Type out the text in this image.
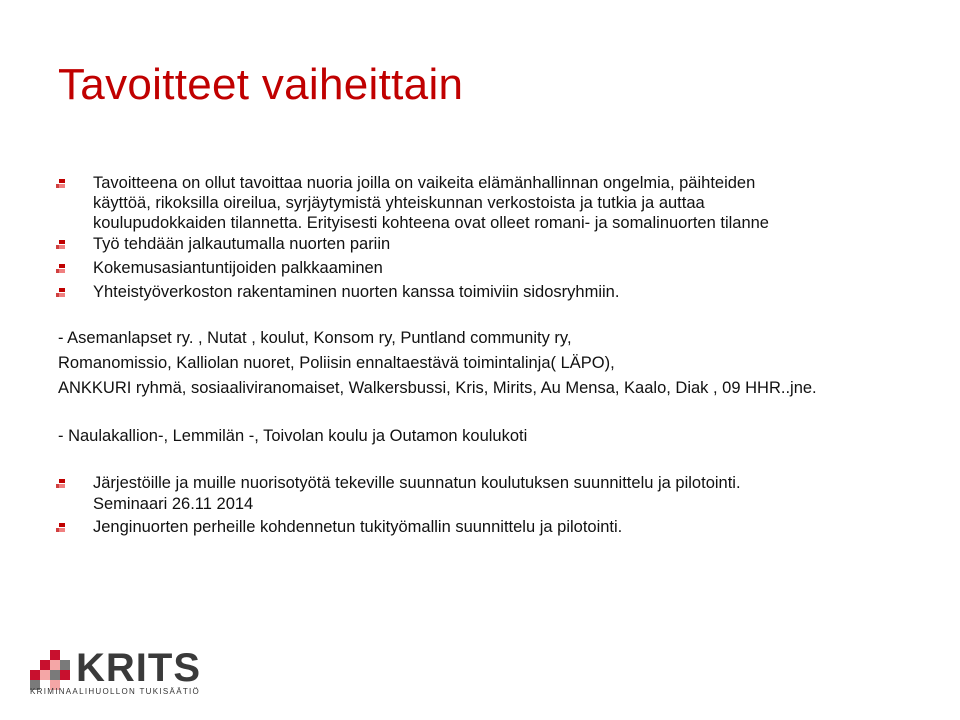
Tavoitteet vaiheittain
Tavoitteena on ollut tavoittaa nuoria joilla on vaikeita elämänhallinnan ongelmia, päihteiden
käyttöä, rikoksilla oireilua, syrjäytymistä yhteiskunnan verkostoista ja tutkia ja auttaa
koulupudokkaiden tilannetta. Erityisesti kohteena ovat olleet romani- ja somalinuorten tilanne
Työ tehdään jalkautumalla nuorten pariin
Kokemusasiantuntijoiden palkkaaminen
Yhteistyöverkoston rakentaminen nuorten kanssa toimiviin sidosryhmiin.
- Asemanlapset ry. , Nutat , koulut, Konsom ry, Puntland community ry,
Romanomissio, Kalliolan nuoret, Poliisin ennaltaestävä toimintalinja( LÄPO),
ANKKURI ryhmä, sosiaaliviranomaiset, Walkersbussi, Kris, Mirits, Au Mensa, Kaalo, Diak , 09 HHR..jne.
- Naulakallion-, Lemmilän -, Toivolan koulu ja Outamon koulukoti
Järjestöille ja muille nuorisotyötä tekeville suunnatun koulutuksen suunnittelu ja pilotointi.
Seminaari 26.11 2014
Jenginuorten perheille kohdennetun tukityömallin suunnittelu ja pilotointi.
KRITS
KRIMINAALIHUOLLON TUKISÄÄTIÖ
